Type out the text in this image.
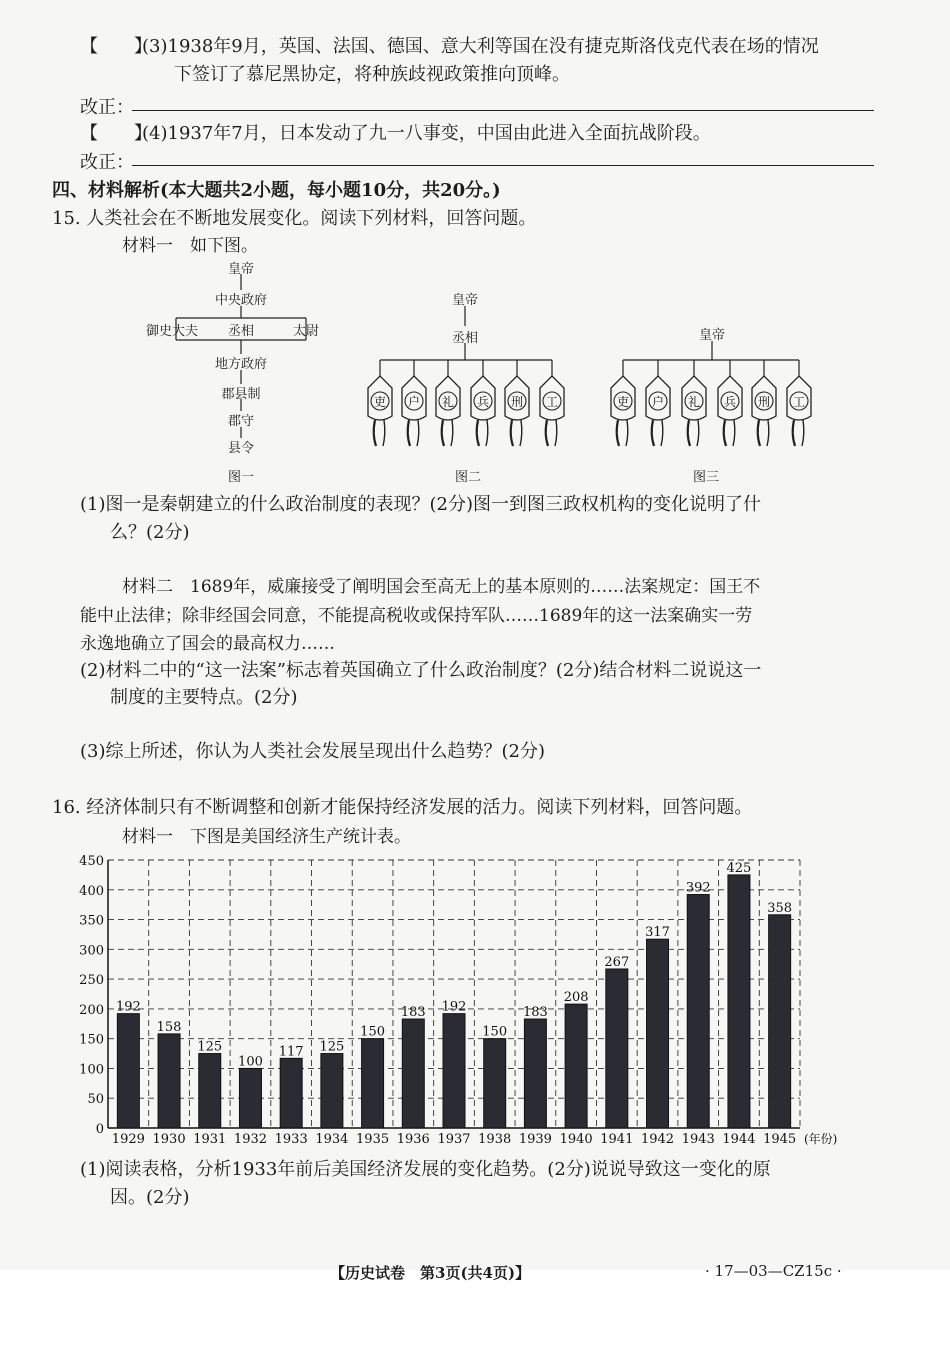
【　　】
(3)1938年9月，英国、法国、德国、意大利等国在没有捷克斯洛伐克代表在场的情况
下签订了慕尼黑协定，将种族歧视政策推向顶峰。
改正：
【　　】
(4)1937年7月，日本发动了九一八事变，中国由此进入全面抗战阶段。
改正：
四、材料解析(本大题共2小题，每小题10分，共20分。)
15. 人类社会在不断地发展变化。阅读下列材料，回答问题。
材料一　如下图。
吏 户 礼 兵 刑 工	吏 户 礼 兵 刑 工
皇帝
中央政府
御史大夫 丞相	太尉
地方政府
郡县制
郡守
县令
图一
皇帝
丞相
图二
皇帝
图三
(1)图一是秦朝建立的什么政治制度的表现？(2分)图一到图三政权机构的变化说明了什
么？(2分)
材料二　1689年，威廉接受了阐明国会至高无上的基本原则的……法案规定：国王不
能中止法律；除非经国会同意，不能提高税收或保持军队……1689年的这一法案确实一劳
永逸地确立了国会的最高权力……
(2)材料二中的“这一法案”标志着英国确立了什么政治制度？(2分)结合材料二说说这一
制度的主要特点。(2分)
(3)综上所述，你认为人类社会发展呈现出什么趋势？(2分)
16. 经济体制只有不断调整和创新才能保持经济发展的活力。阅读下列材料，回答问题。
材料一　下图是美国经济生产统计表。
0
50
100
150
200
250
300
350
400
450
192
1929
158
1930
125
1931
100
1932
117
1933
125
1934
150
1935
183
1936
192
1937
150
1938
183
1939
208
1940
267
1941
317
1942
392
1943
425
1944
358
1945 (年份)
(1)阅读表格，分析1933年前后美国经济发展的变化趋势。(2分)说说导致这一变化的原
因。(2分)
【历史试卷　第3页(共4页)】	· 17—03—CZ15c ·
